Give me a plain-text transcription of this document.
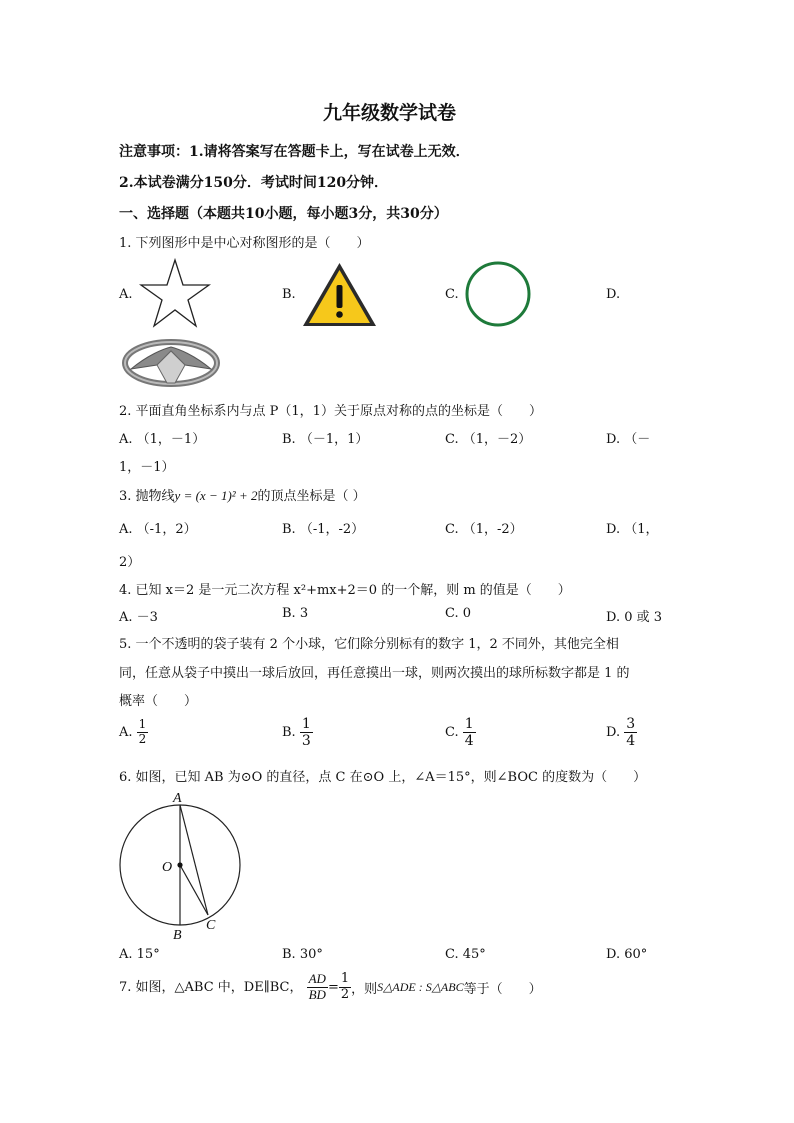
九年级数学试卷
注意事项：1.请将答案写在答题卡上，写在试卷上无效．
2.本试卷满分150分．考试时间120分钟．
一、选择题（本题共10小题，每小题3分，共30分）
1. 下列图形中是中心对称图形的是（　　）
A.	B.	C.	D.
2. 平面直角坐标系内与点 P（1，1）关于原点对称的点的坐标是（　　）
A. （1，－1）	B. （－1，1）	C. （1，－2）	D. （－
1，－1）
3. 抛物线y = (x − 1)² + 2的顶点坐标是（ ）
A. （-1，2）	B. （-1，-2）	C. （1，-2）	D. （1，
2）
4. 已知 x＝2 是一元二次方程 x²+mx+2＝0 的一个解，则 m 的值是（　　）
A. －3	B. 3	C. 0	D. 0 或 3
5. 一个不透明的袋子装有 2 个小球，它们除分别标有的数字 1，2 不同外，其他完全相
同，任意从袋子中摸出一球后放回，再任意摸出一球，则两次摸出的球所标数字都是 1 的
概率（　　）
A. $\frac{1}{2}$	B. $\frac{1}{3}$	C. $\frac{1}{4}$	D. $\frac{3}{4}$
6. 如图，已知 AB 为⊙O 的直径，点 C 在⊙O 上，∠A＝15°，则∠BOC 的度数为（　　）
A
O
B
C
A. 15°	B. 30°	C. 45°	D. 60°
7. 如图，△ABC 中，DE∥BC， $\frac{AD}{BD} = \frac{1}{2}$ ，则S△ADE : S△ABC等于（　　）
